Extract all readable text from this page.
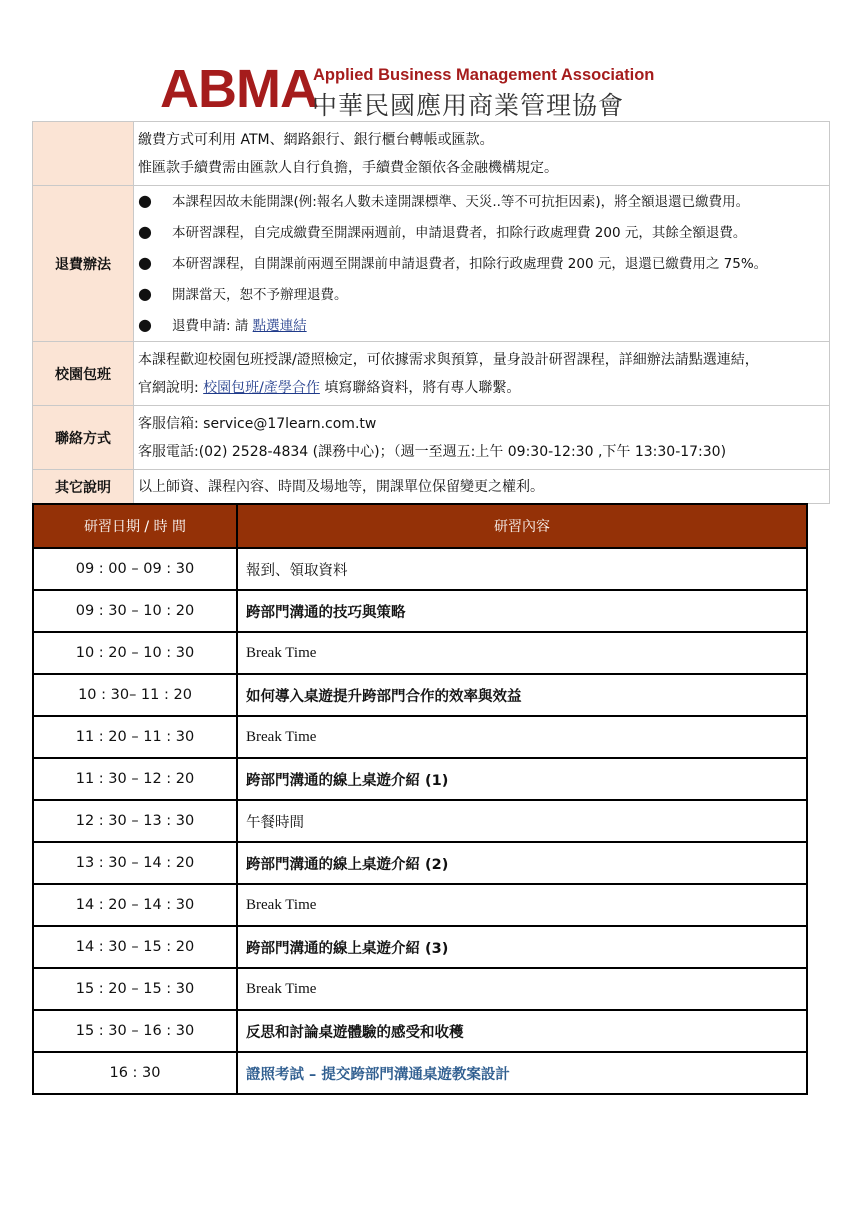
ABMA
Applied Business Management Association
中華民國應用商業管理協會

	繳費方式可利用 ATM、網路銀行、銀行櫃台轉帳或匯款。
惟匯款手續費需由匯款人自行負擔，手續費金額依各金融機構規定。

退費辦法	● 本課程因故未能開課(例:報名人數未達開課標準、天災..等不可抗拒因素)，將全額退還已繳費用。
● 本研習課程，自完成繳費至開課兩週前，申請退費者，扣除行政處理費 200 元，其餘全額退費。
● 本研習課程，自開課前兩週至開課前申請退費者，扣除行政處理費 200 元，退還已繳費用之 75%。
● 開課當天，恕不予辦理退費。
● 退費申請: 請 點選連結

校園包班	本課程歡迎校園包班授課/證照檢定，可依據需求與預算，量身設計研習課程，詳細辦法請點選連結，
官網說明: 校園包班/產學合作 填寫聯絡資料，將有專人聯繫。

聯絡方式	客服信箱: service@17learn.com.tw
客服電話:(02) 2528-4834 (課務中心)；（週一至週五:上午 09:30-12:30 ,下午 13:30-17:30)

其它說明	以上師資、課程內容、時間及場地等，開課單位保留變更之權利。
研習日期 / 時 間	研習內容
09 : 00 – 09 : 30	報到、領取資料
09 : 30 – 10 : 20	跨部門溝通的技巧與策略
10 : 20 – 10 : 30	Break Time
10 : 30– 11 : 20	如何導入桌遊提升跨部門合作的效率與效益
11 : 20 – 11 : 30	Break Time
11 : 30 – 12 : 20	跨部門溝通的線上桌遊介紹 (1)
12 : 30 – 13 : 30	午餐時間
13 : 30 – 14 : 20	跨部門溝通的線上桌遊介紹 (2)
14 : 20 – 14 : 30	Break Time
14 : 30 – 15 : 20	跨部門溝通的線上桌遊介紹 (3)
15 : 20 – 15 : 30	Break Time
15 : 30 – 16 : 30	反思和討論桌遊體驗的感受和收穫
16 : 30	證照考試 – 提交跨部門溝通桌遊教案設計
